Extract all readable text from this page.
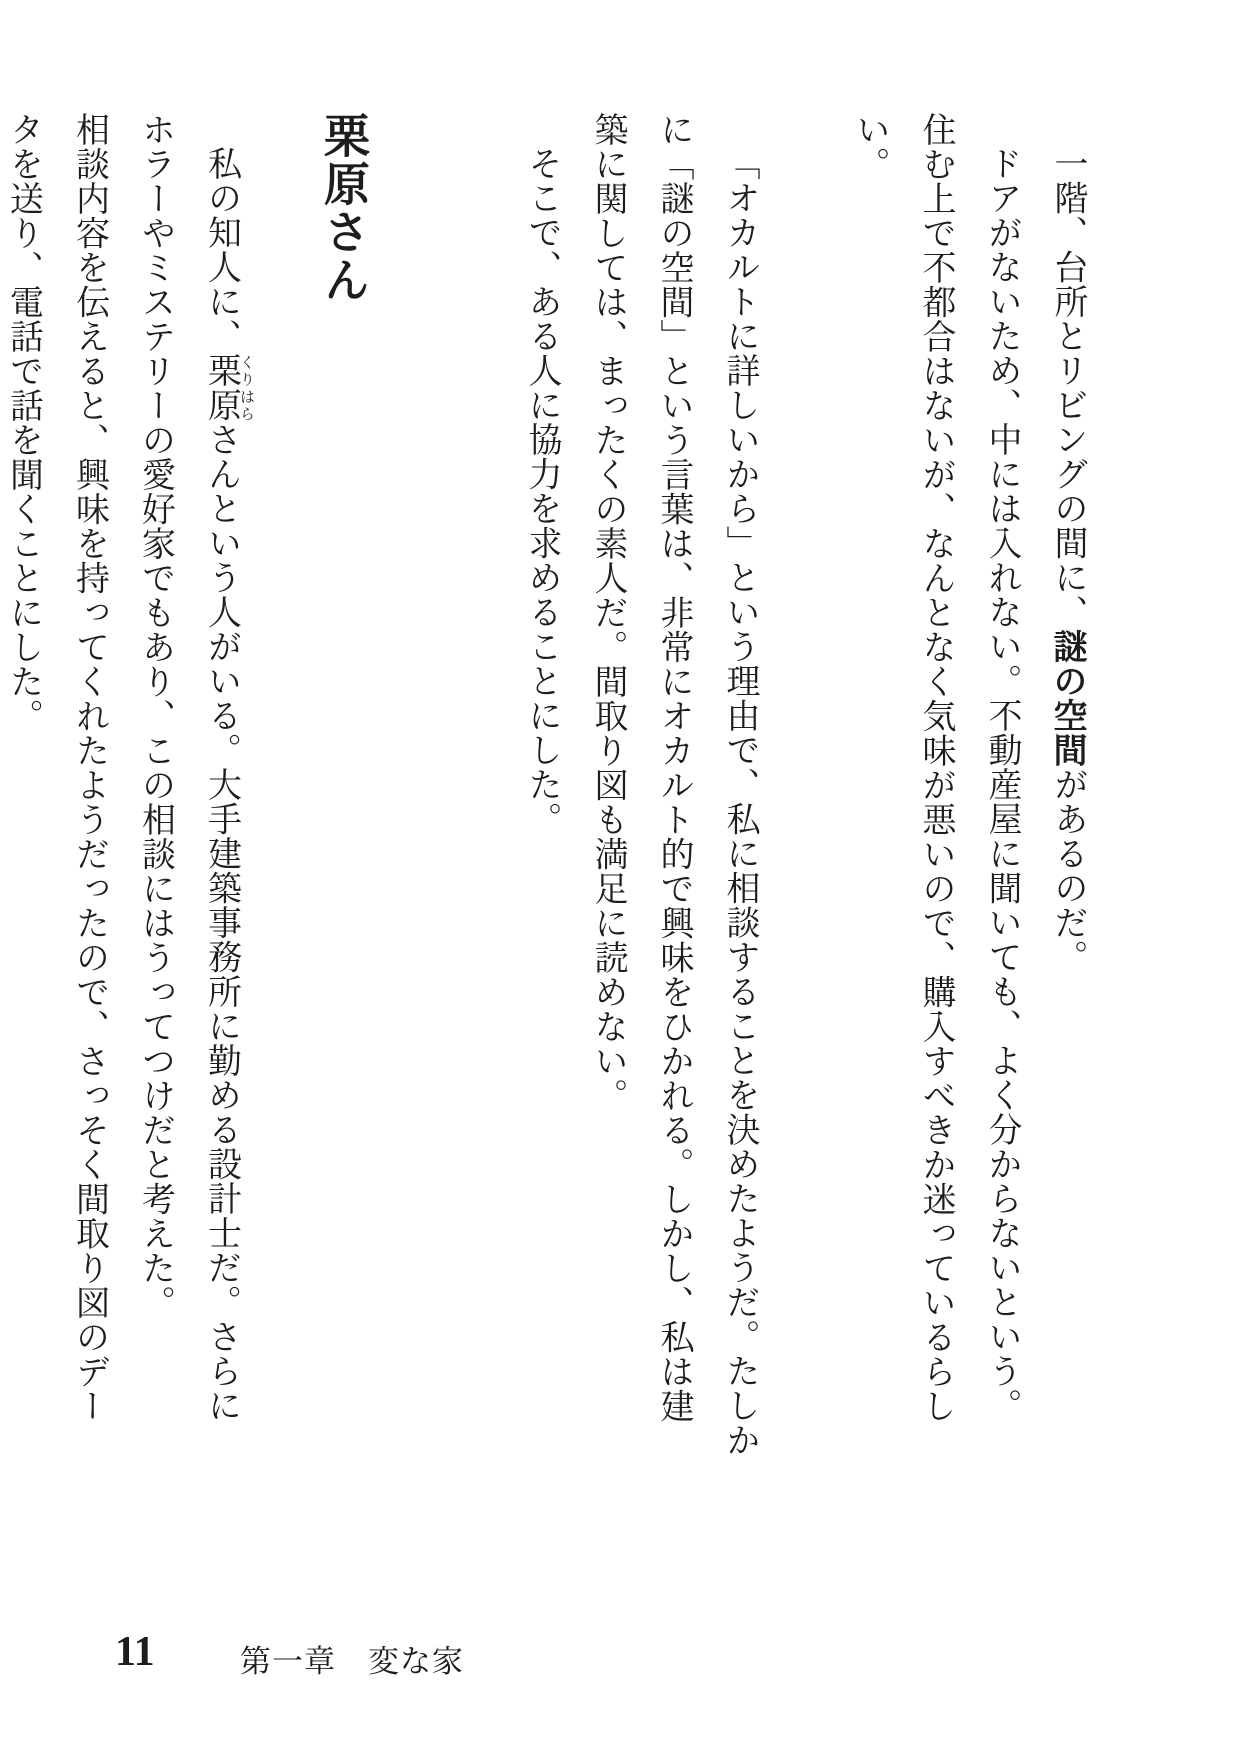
一階、台所とリビングの間に、謎の空間があるのだ。

ドアがないため、中には入れない。不動産屋に聞いても、よく分からないという。

住む上で不都合はないが、なんとなく気味が悪いので、購入すべきか迷っているらし

い。

「オカルトに詳しいから」という理由で、私に相談することを決めたようだ。たしか

に「謎の空間」という言葉は、非常にオカルト的で興味をひかれる。しかし、私は建

築に関しては、まったくの素人だ。間取り図も満足に読めない。

そこで、ある人に協力を求めることにした。

栗原さん

私の知人に、栗原くりはらさんという人がいる。大手建築事務所に勤める設計士だ。さらに

ホラーやミステリーの愛好家でもあり、この相談にはうってつけだと考えた。

相談内容を伝えると、興味を持ってくれたようだったので、さっそく間取り図のデー

タを送り、電話で話を聞くことにした。

11	第一章　変な家
